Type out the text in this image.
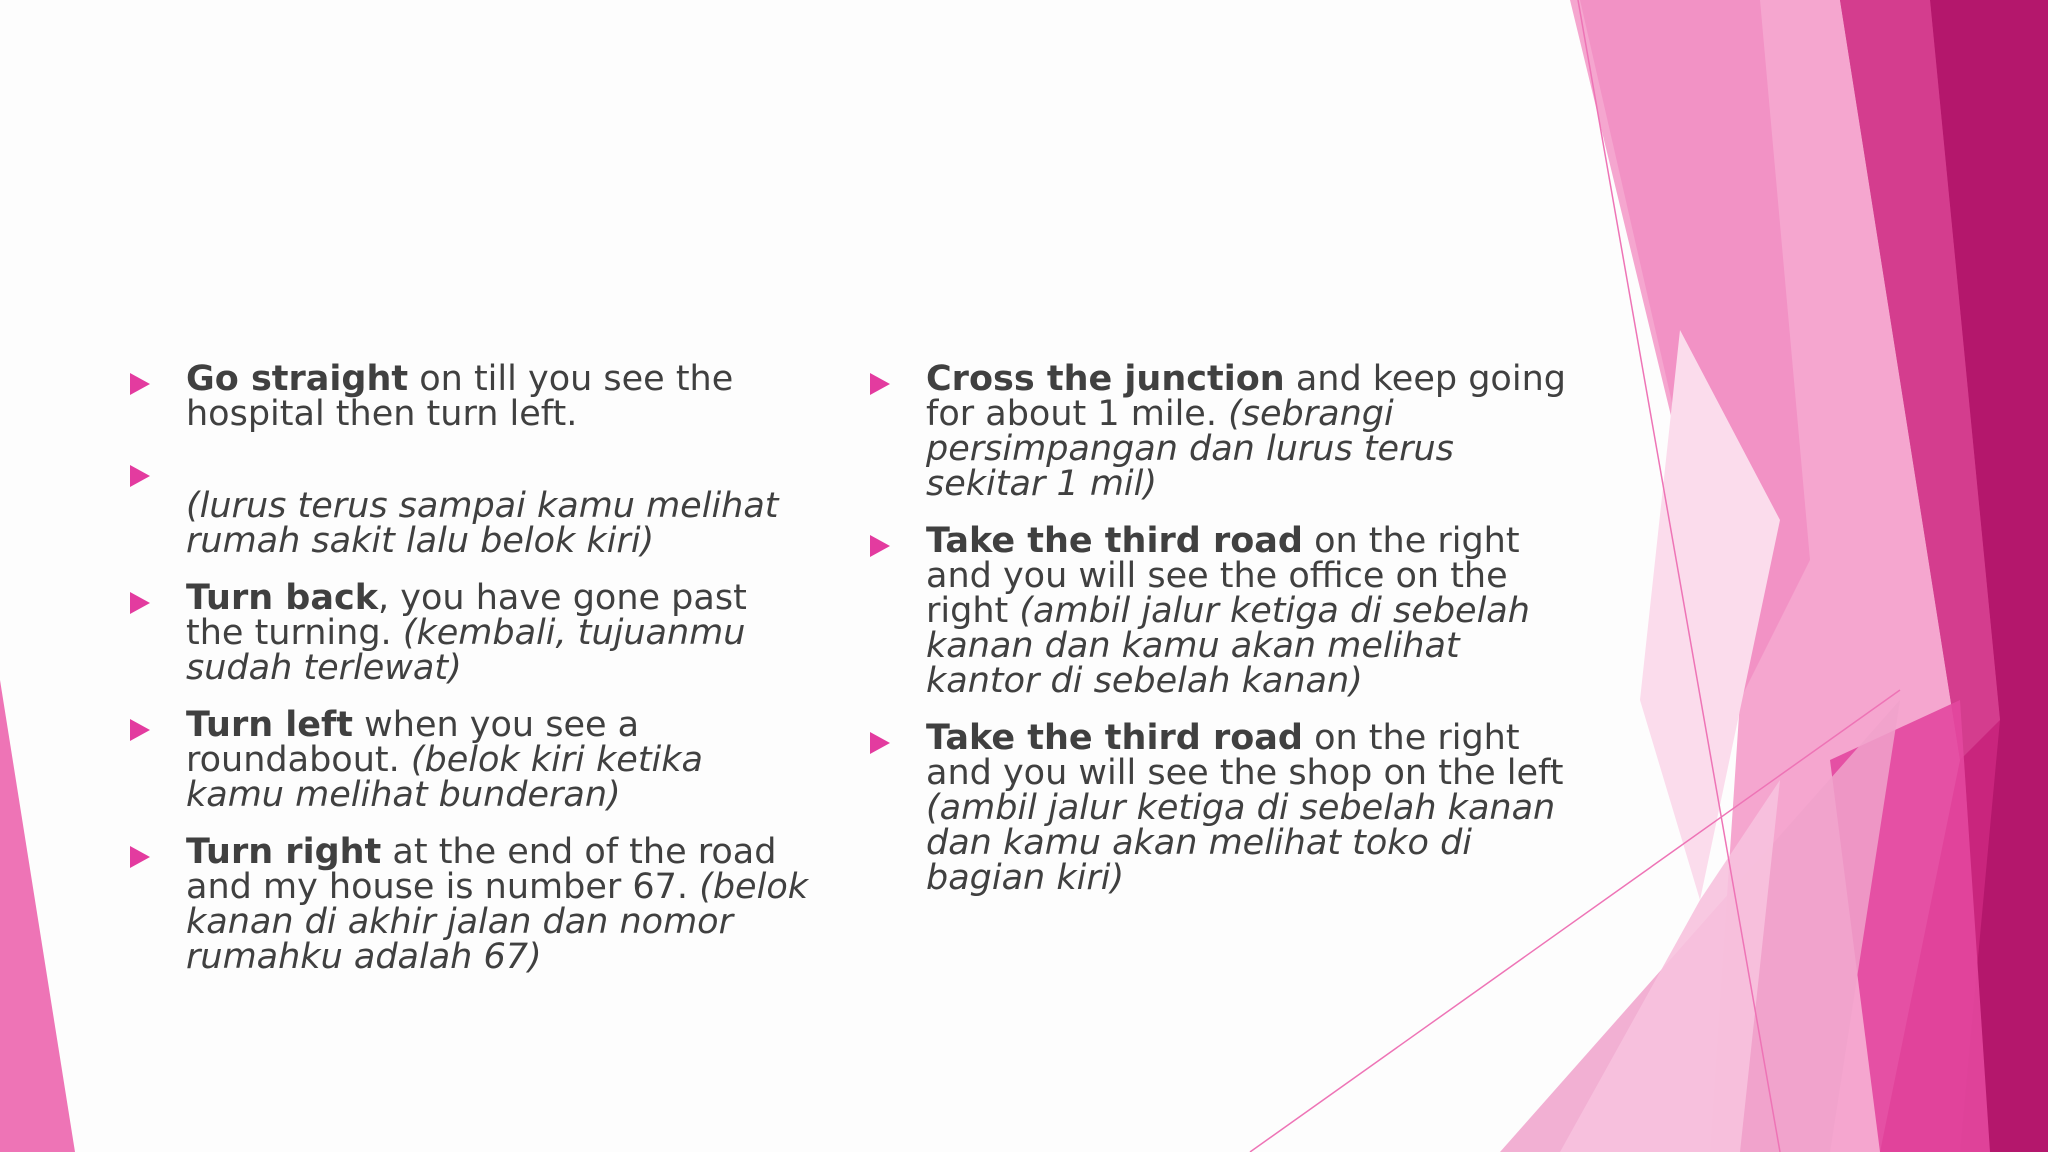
Go straight on till you see the hospital then turn left.
(lurus terus sampai kamu melihat rumah sakit lalu belok kiri)
Turn back, you have gone past the turning. (kembali, tujuanmu sudah terlewat)
Turn left when you see a roundabout. (belok kiri ketika kamu melihat bunderan)
Turn right at the end of the road and my house is number 67. (belok kanan di akhir jalan dan nomor rumahku adalah 67)
Cross the junction and keep going for about 1 mile. (sebrangi persimpangan dan lurus terus sekitar 1 mil)
Take the third road on the right and you will see the office on the right (ambil jalur ketiga di sebelah kanan dan kamu akan melihat kantor di sebelah kanan)
Take the third road on the right and you will see the shop on the left (ambil jalur ketiga di sebelah kanan dan kamu akan melihat toko di bagian kiri)
